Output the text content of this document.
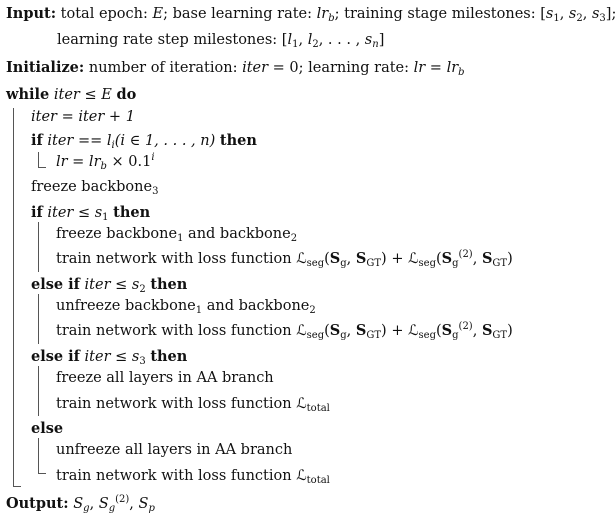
Input: total epoch: E; base learning rate: $lr_b$; training stage milestones: [$s_1$, $s_2$, $s_3$];
learning rate step milestones: [$l_1$, $l_2$, . . . , $s_n$]
Initialize: number of iteration: iter = 0; learning rate: lr = $lr_b$
while iter ≤ E do
iter = iter + 1
if iter == $l_i(i$ ∈ 1, . . . , n) then
lr = $lr_b \times 0.1^i$
freeze backbone$_3$
if iter ≤ $s_1$ then
freeze backbone$_1$ and backbone$_2$
train network with loss function $ℒ_{seg}(S_g$, $S_{GT}$) + $ℒ_{seg}(S_g^{(2)}$, $S_{GT}$)
else if iter ≤ $s_2$ then
unfreeze backbone$_1$ and backbone$_2$
train network with loss function $ℒ_{seg}(S_g$, $S_{GT}$) + $ℒ_{seg}(S_g^{(2)}$, $S_{GT}$)
else if iter ≤ $s_3$ then
freeze all layers in AA branch
train network with loss function ℒ$_{total}$
else
unfreeze all layers in AA branch
train network with loss function ℒ$_{total}$
Output: $S_g$, $S_g^{(2)}$, $S_p$
